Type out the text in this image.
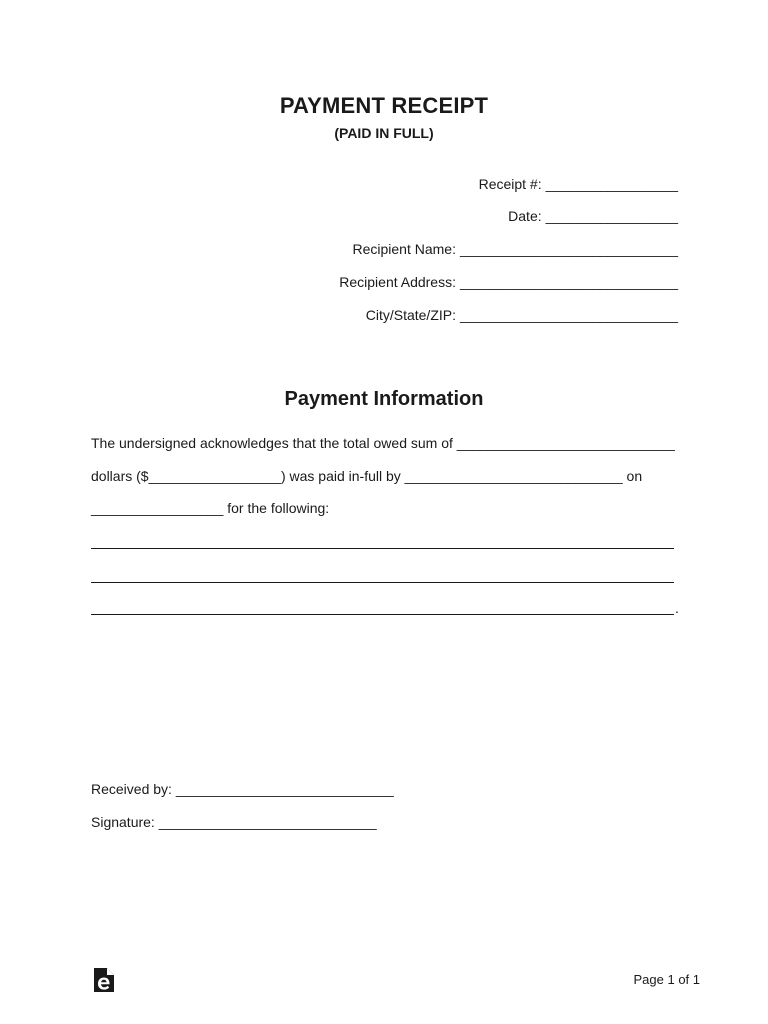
PAYMENT RECEIPT
(PAID IN FULL)
Receipt #: _________________
Date: _________________
Recipient Name: ____________________________
Recipient Address: ____________________________
City/State/ZIP: ____________________________
Payment Information
The undersigned acknowledges that the total owed sum of ____________________________
dollars ($_________________) was paid in-full by ____________________________ on
_________________ for the following:
.
Received by: ____________________________
Signature: ____________________________
Page 1 of 1
